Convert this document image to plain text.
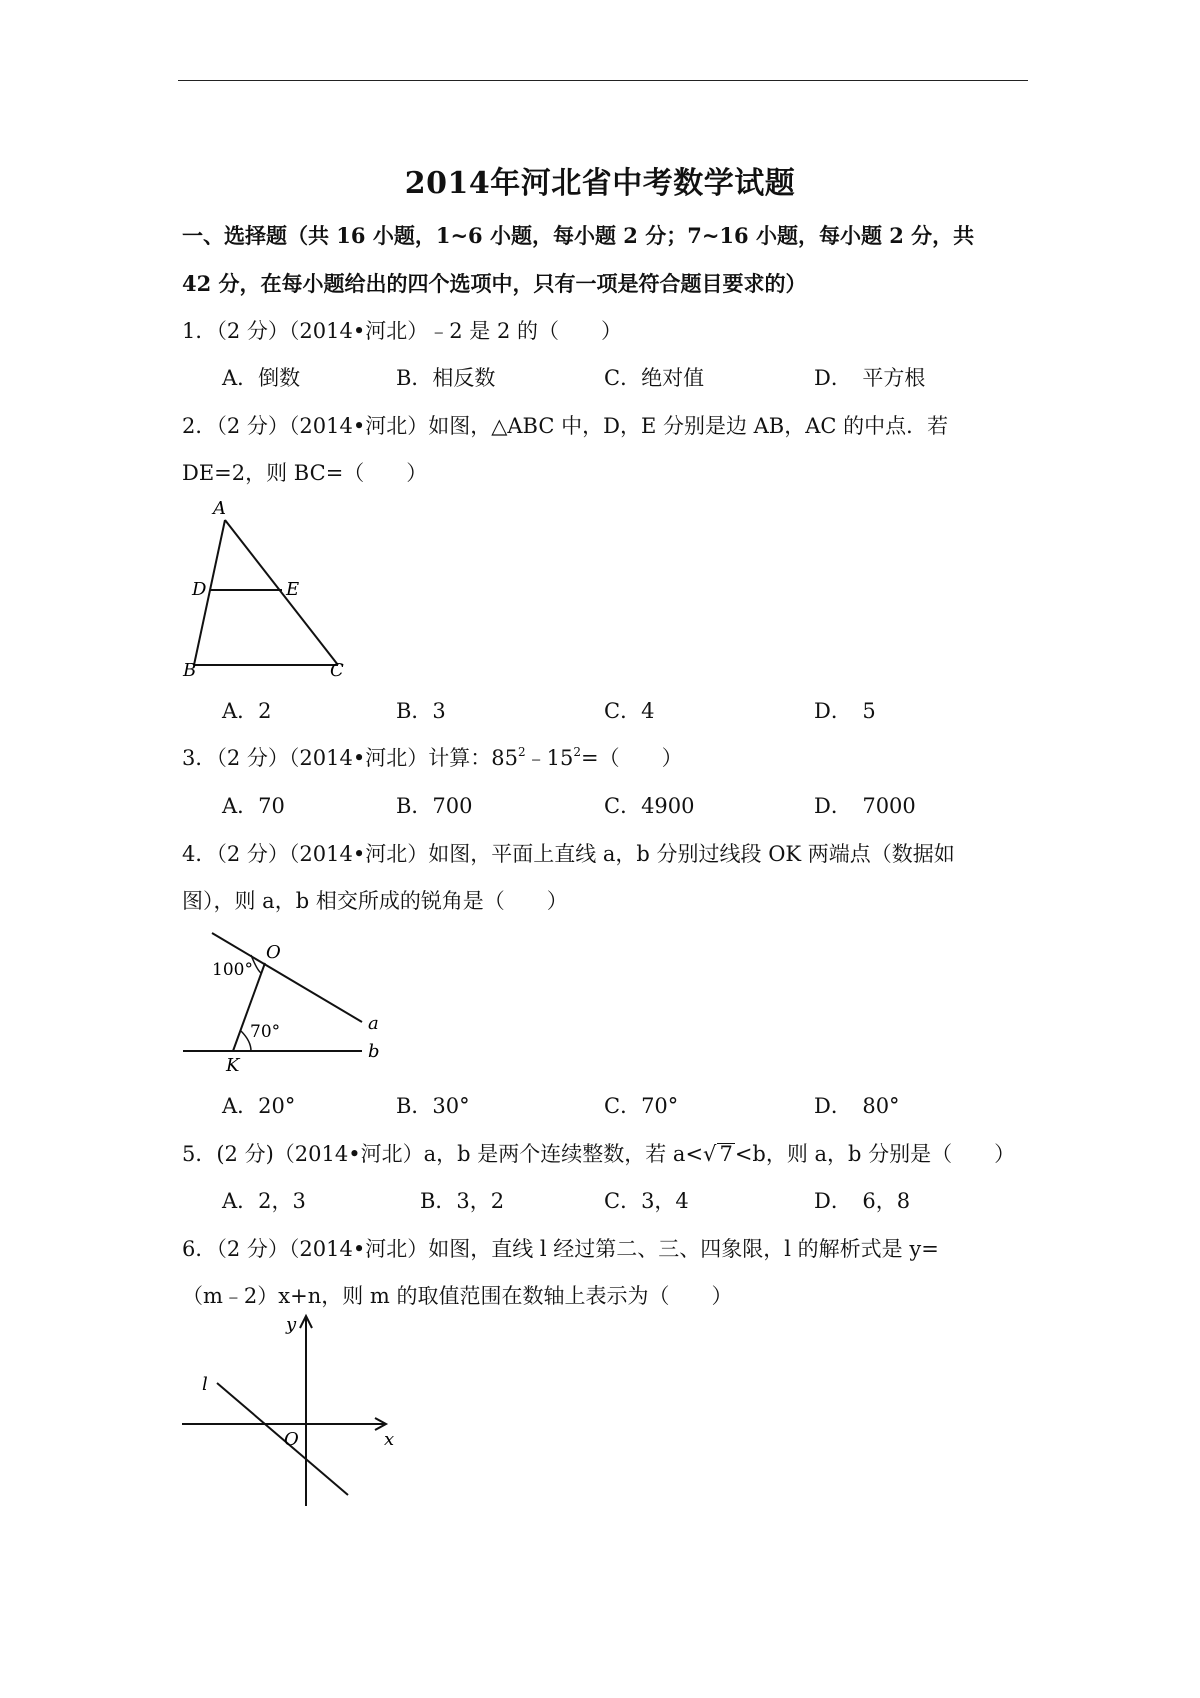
2014年河北省中考数学试题
一、选择题（共 16 小题，1~6 小题，每小题 2 分；7~16 小题，每小题 2 分，共
42 分，在每小题给出的四个选项中，只有一项是符合题目要求的）
1．（2 分）（2014•河北）﹣2 是 2 的（　　）
A．倒数	B．相反数	C．绝对值	D．　平方根
2．（2 分）（2014•河北）如图，△ABC 中，D，E 分别是边 AB，AC 的中点．若
DE=2，则 BC=（　　）
A
D	E
B	C
A．2	B．3	C．4	D．　5
3．（2 分）（2014•河北）计算：$85^2﹣15^2=$（　　）
A．70	B．700	C．4900	D．　7000
4．（2 分）（2014•河北）如图，平面上直线 a，b 分别过线段 OK 两端点（数据如
图），则 a，b 相交所成的锐角是（　　）
O
K
a
b
100°
70°
A．20°	B．30°	C．70°	D．　80°
5．(2 分)（2014•河北）a，b 是两个连续整数，若 a<√ 7<b，则 a，b 分别是（　　）
A．2，3	B．3，2	C．3，4	D．　6，8
6．（2 分）（2014•河北）如图，直线 l 经过第二、三、四象限，l 的解析式是 y=
（m﹣2）x+n，则 m 的取值范围在数轴上表示为（　　）
y
x
O
l
